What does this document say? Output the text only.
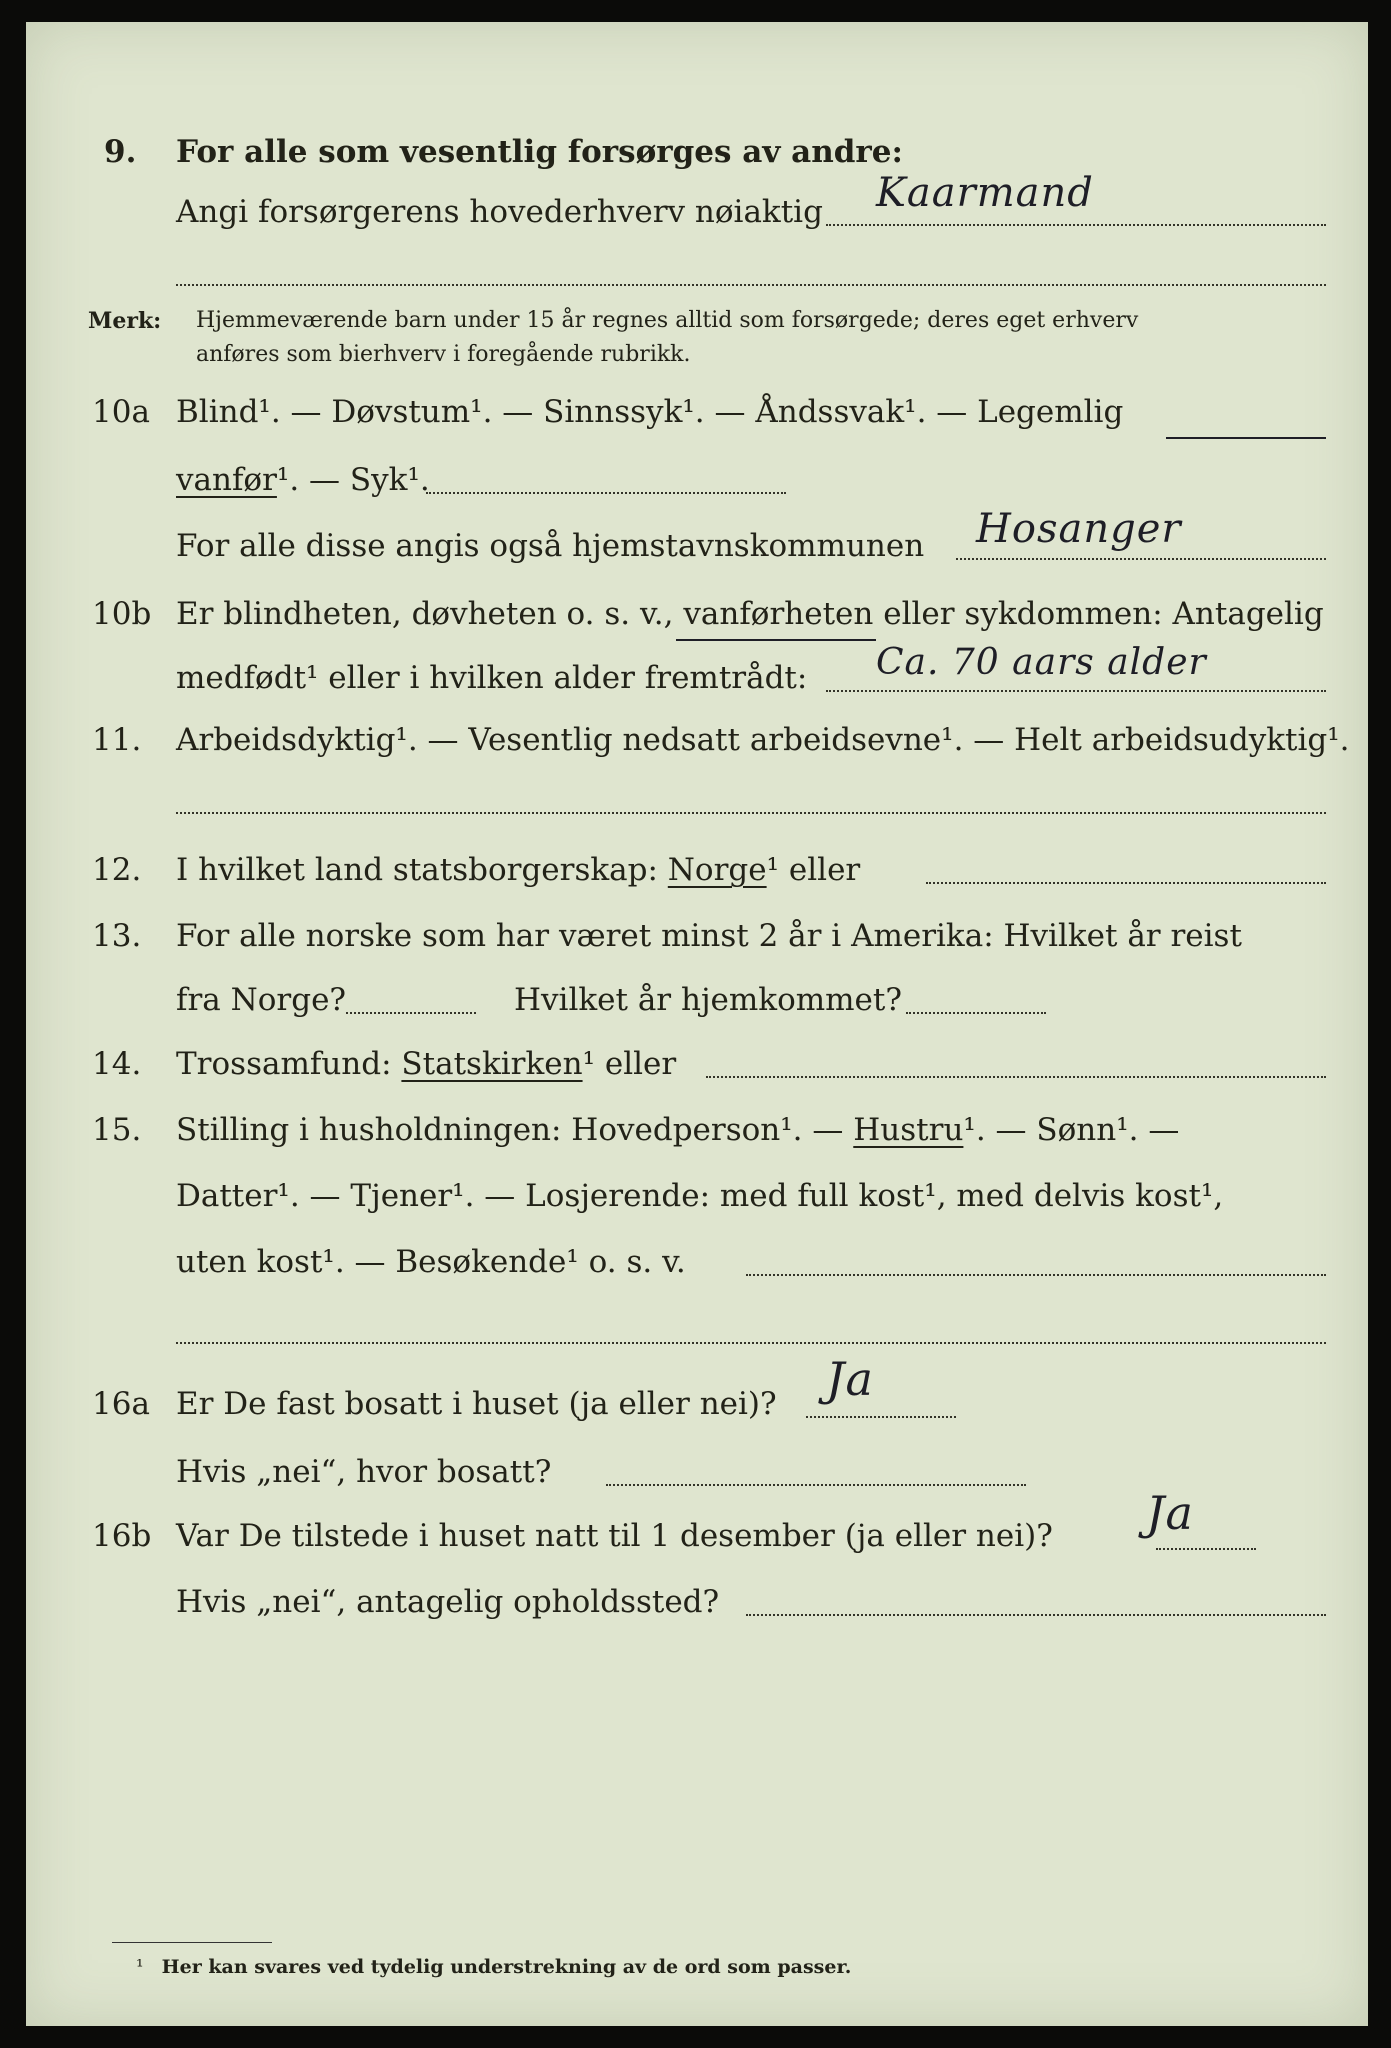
9. For alle som vesentlig forsørges av andre:
Angi forsørgerens hovederhverv nøiaktig Kaarmand
Merk: Hjemmeværende barn under 15 år regnes alltid som forsørgede; deres eget erhverv
anføres som bierhverv i foregående rubrikk.
10a Blind¹. — Døvstum¹. — Sinnssyk¹. — Åndssvak¹. — Legemlig
vanfør¹. — Syk¹.
For alle disse angis også hjemstavnskommunen Hosanger
10b Er blindheten, døvheten o. s. v., vanførheten eller sykdommen: Antagelig
medfødt¹ eller i hvilken alder fremtrådt: Ca. 70 aars alder
11. Arbeidsdyktig¹. — Vesentlig nedsatt arbeidsevne¹. — Helt arbeidsudyktig¹.
12. I hvilket land statsborgerskap: Norge¹ eller
13. For alle norske som har været minst 2 år i Amerika: Hvilket år reist
fra Norge?	Hvilket år hjemkommet?
14. Trossamfund: Statskirken¹ eller
15. Stilling i husholdningen: Hovedperson¹. — Hustru¹. — Sønn¹. —
Datter¹. — Tjener¹. — Losjerende: med full kost¹, med delvis kost¹,
uten kost¹. — Besøkende¹ o. s. v.
16a Er De fast bosatt i huset (ja eller nei)? Ja
Hvis „nei“, hvor bosatt?
16b Var De tilstede i huset natt til 1 desember (ja eller nei)? Ja
Hvis „nei“, antagelig opholdssted?
¹ Her kan svares ved tydelig understrekning av de ord som passer.
